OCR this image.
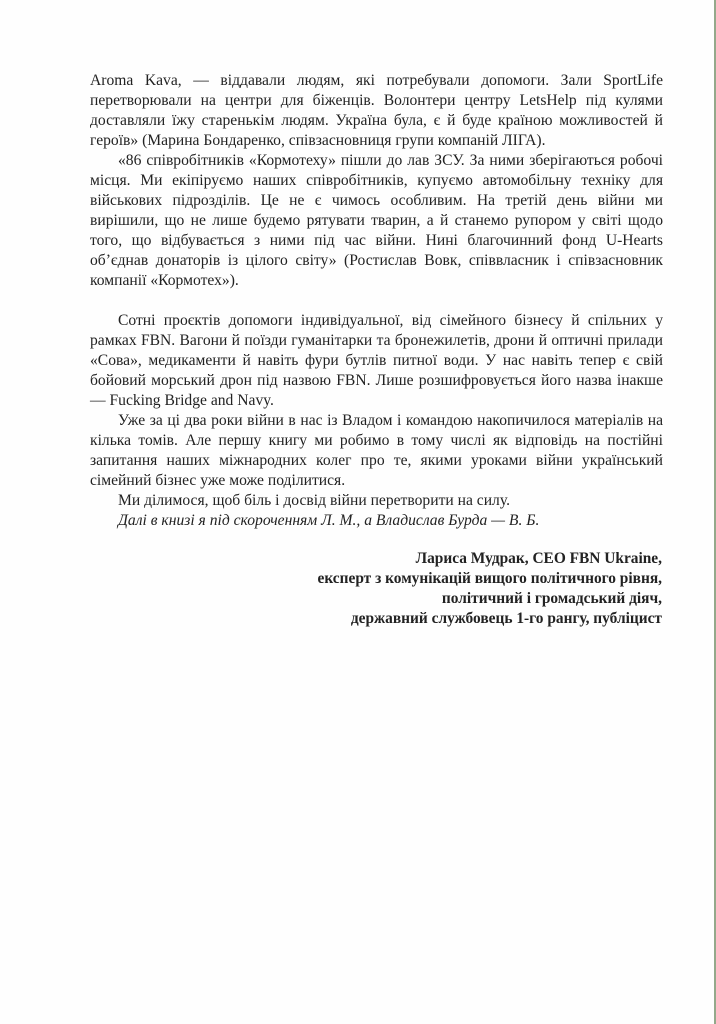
Aroma Kava, — віддавали людям, які потребували допомоги. Зали SportLife перетворювали на центри для біженців. Волонтери центру LetsHelp під кулями доставляли їжу старенькім людям. Україна була, є й буде країною можливостей й героїв» (Марина Бондаренко, співзасновниця групи компаній ЛІГА).

«86 співробітників «Кормотеху» пішли до лав ЗСУ. За ними зберігаються робочі місця. Ми екіпіруємо наших співробітників, купуємо автомобільну техніку для військових підрозділів. Це не є чимось особливим. На третій день війни ми вирішили, що не лише будемо рятувати тварин, а й станемо рупором у світі щодо того, що відбувається з ними під час війни. Нині благочинний фонд U-Hearts об’єднав донаторів із цілого світу» (Ростислав Вовк, співвласник і співзасновник компанії «Кормотех»).

Сотні проєктів допомоги індивідуальної, від сімейного бізнесу й спільних у рамках FBN. Вагони й поїзди гуманітарки та бронежилетів, дрони й оптичні прилади «Сова», медикаменти й навіть фури бутлів питної води. У нас навіть тепер є свій бойовий морський дрон під назвою FBN. Лише розшифровується його назва інакше — Fucking Bridge and Navy.

Уже за ці два роки війни в нас із Владом і командою накопичилося матеріалів на кілька томів. Але першу книгу ми робимо в тому числі як відповідь на постійні запитання наших міжнародних колег про те, якими уроками війни український сімейний бізнес уже може поділитися.

Ми ділимося, щоб біль і досвід війни перетворити на силу.

Далі в книзі я під скороченням Л. М., а Владислав Бурда — В. Б.

Лариса Мудрак, CEO FBN Ukraine,
експерт з комунікацій вищого політичного рівня,
політичний і громадський діяч,
державний службовець 1-го рангу, публіцист
